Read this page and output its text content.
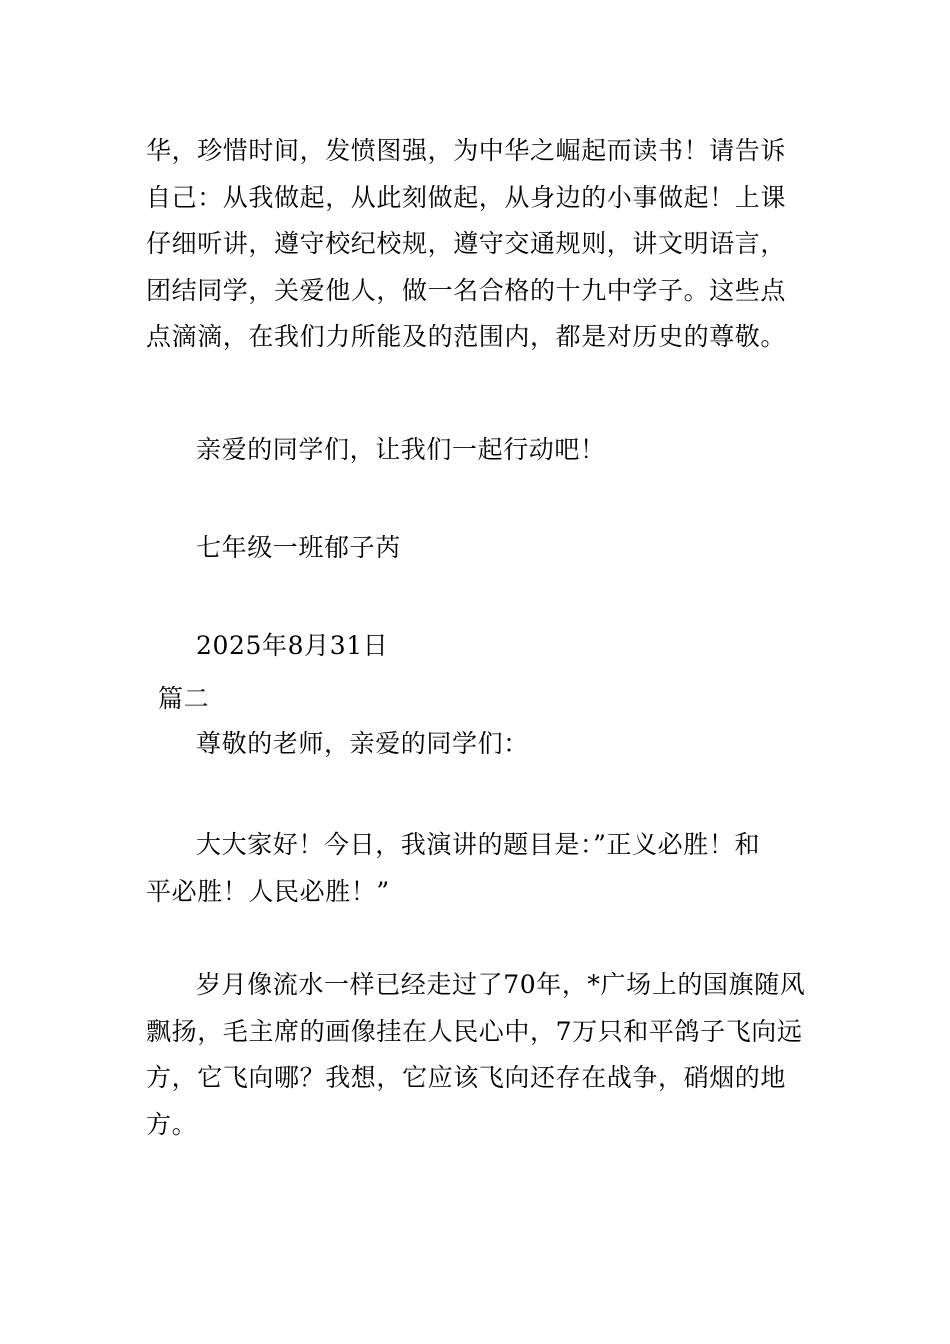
华，珍惜时间，发愤图强，为中华之崛起而读书！请告诉
自己：从我做起，从此刻做起，从身边的小事做起！上课
仔细听讲，遵守校纪校规，遵守交通规则，讲文明语言，
团结同学，关爱他人，做一名合格的十九中学子。这些点
点滴滴，在我们力所能及的范围内，都是对历史的尊敬。
亲爱的同学们，让我们一起行动吧！
七年级一班郁子芮
2025年8月31日
篇二
尊敬的老师，亲爱的同学们：
大大家好！今日，我演讲的题目是：”正义必胜！和
平必胜！人民必胜！”
岁月像流水一样已经走过了70年，*广场上的国旗随风
飘扬，毛主席的画像挂在人民心中，7万只和平鸽子飞向远
方，它飞向哪？我想，它应该飞向还存在战争，硝烟的地
方。
